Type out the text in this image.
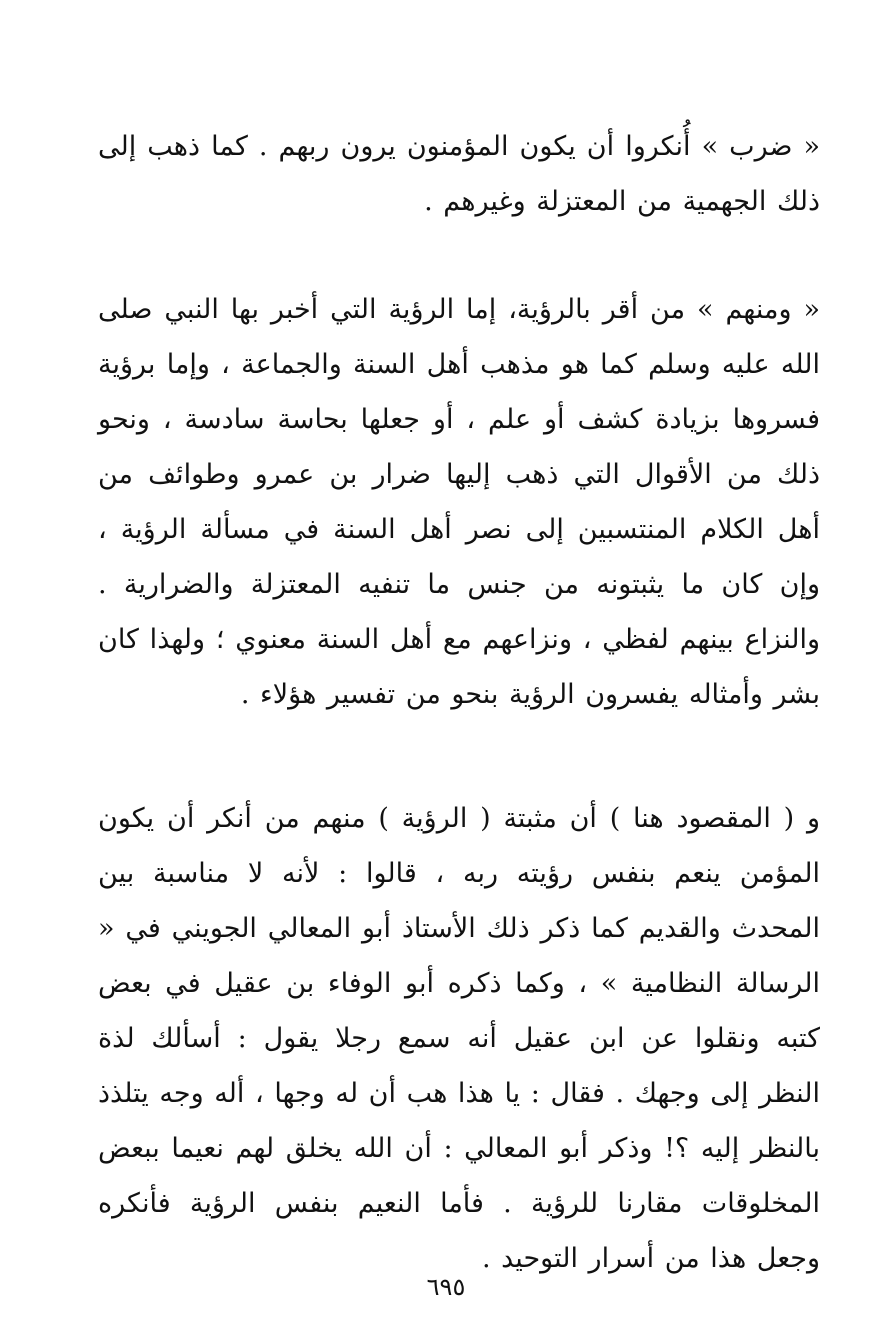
« ضرب » أُنكروا أن يكون المؤمنون يرون ربهم . كما ذهب إلى ذلك الجهمية من المعتزلة وغيرهم .

« ومنهم » من أقر بالرؤية، إما الرؤية التي أخبر بها النبي صلى الله عليه وسلم كما هو مذهب أهل السنة والجماعة ، وإما برؤية فسروها بزيادة كشف أو علم ، أو جعلها بحاسة سادسة ، ونحو ذلك من الأقوال التي ذهب إليها ضرار بن عمرو وطوائف من أهل الكلام المنتسبين إلى نصر أهل السنة في مسألة الرؤية ، وإن كان ما يثبتونه من جنس ما تنفيه المعتزلة والضرارية . والنزاع بينهم لفظي ، ونزاعهم مع أهل السنة معنوي ؛ ولهذا كان بشر وأمثاله يفسرون الرؤية بنحو من تفسير هؤلاء .

و ( المقصود هنا ) أن مثبتة ( الرؤية ) منهم من أنكر أن يكون المؤمن ينعم بنفس رؤيته ربه ، قالوا : لأنه لا مناسبة بين المحدث والقديم كما ذكر ذلك الأستاذ أبو المعالي الجويني في « الرسالة النظامية » ، وكما ذكره أبو الوفاء بن عقيل في بعض كتبه ونقلوا عن ابن عقيل أنه سمع رجلا يقول : أسألك لذة النظر إلى وجهك . فقال : يا هذا هب أن له وجها ، أله وجه يتلذذ بالنظر إليه ؟! وذكر أبو المعالي : أن الله يخلق لهم نعيما ببعض المخلوقات مقارنا للرؤية . فأما النعيم بنفس الرؤية فأنكره وجعل هذا من أسرار التوحيد .

٦٩٥
